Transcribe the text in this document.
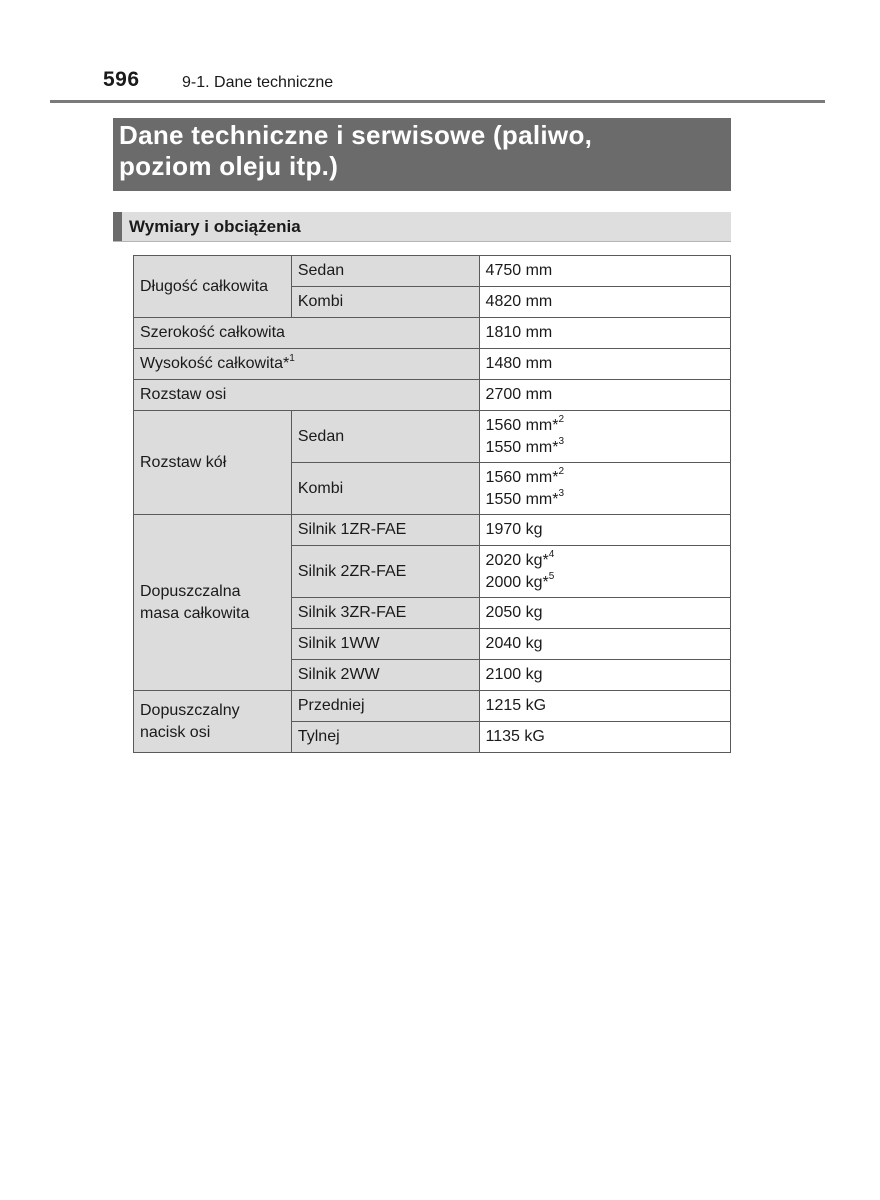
596	9-1. Dane techniczne

Dane techniczne i serwisowe (paliwo,
poziom oleju itp.)

Wymiary i obciążenia

Długość całkowita	Sedan	4750 mm
	Kombi	4820 mm
Szerokość całkowita		1810 mm
Wysokość całkowita*$^1$		1480 mm
Rozstaw osi		2700 mm
Rozstaw kół	Sedan	1560 mm*$^2$
1550 mm*$^3$
	Kombi	1560 mm*$^2$
1550 mm*$^3$
Dopuszczalna
masa całkowita	Silnik 1ZR-FAE	1970 kg
	Silnik 2ZR-FAE	2020 kg*$^4$
2000 kg*$^5$
	Silnik 3ZR-FAE	2050 kg
	Silnik 1WW	2040 kg
	Silnik 2WW	2100 kg
Dopuszczalny
nacisk osi	Przedniej	1215 kG
	Tylnej	1135 kG
